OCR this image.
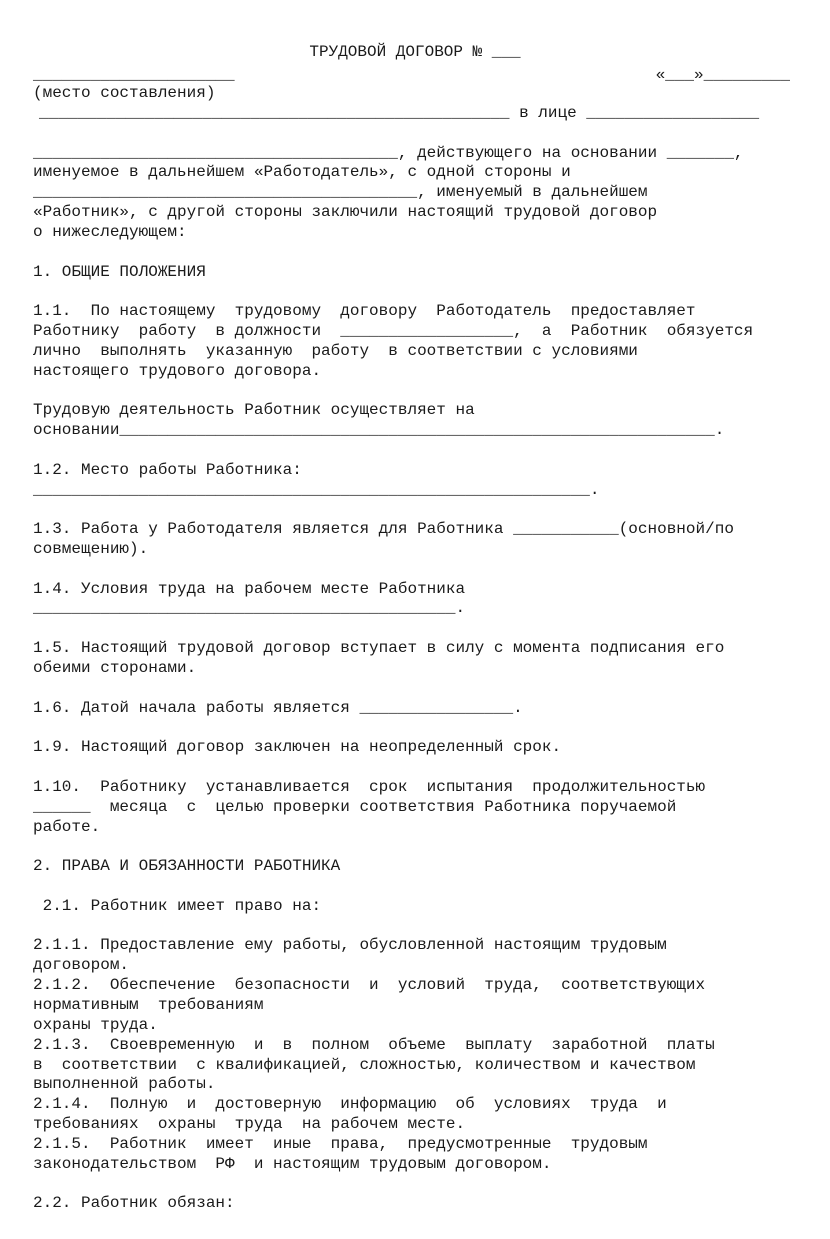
ТРУДОВОЙ ДОГОВОР № ___
_____________________	«___»_________
(место составления)
_________________________________________________ в лице __________________
______________________________________, действующего на основании _______,
именуемое в дальнейшем «Работодатель», с одной стороны и
________________________________________, именуемый в дальнейшем
«Работник», с другой стороны заключили настоящий трудовой договор
о нижеследующем:
1. ОБЩИЕ ПОЛОЖЕНИЯ
1.1.  По настоящему  трудовому  договору  Работодатель  предоставляет
Работнику  работу  в должности  __________________,  а  Работник  обязуется
лично  выполнять  указанную  работу  в соответствии с условиями
настоящего трудового договора.
Трудовую деятельность Работник осуществляет на
основании______________________________________________________________.
1.2. Место работы Работника:
__________________________________________________________.
1.3. Работа у Работодателя является для Работника ___________(основной/по
совмещению).
1.4. Условия труда на рабочем месте Работника
____________________________________________.
1.5. Настоящий трудовой договор вступает в силу с момента подписания его
обеими сторонами.
1.6. Датой начала работы является ________________.
1.9. Настоящий договор заключен на неопределенный срок.
1.10.  Работнику  устанавливается  срок  испытания  продолжительностью
______  месяца  с  целью проверки соответствия Работника поручаемой
работе.
2. ПРАВА И ОБЯЗАННОСТИ РАБОТНИКА
2.1. Работник имеет право на:
2.1.1. Предоставление ему работы, обусловленной настоящим трудовым
договором.
2.1.2.  Обеспечение  безопасности  и  условий  труда,  соответствующих
нормативным  требованиям
охраны труда.
2.1.3.  Своевременную  и  в  полном  объеме  выплату  заработной  платы
в  соответствии  с квалификацией, сложностью, количеством и качеством
выполненной работы.
2.1.4.  Полную  и  достоверную  информацию  об  условиях  труда  и
требованиях  охраны  труда  на рабочем месте.
2.1.5.  Работник  имеет  иные  права,  предусмотренные  трудовым
законодательством  РФ  и настоящим трудовым договором.
2.2. Работник обязан:
